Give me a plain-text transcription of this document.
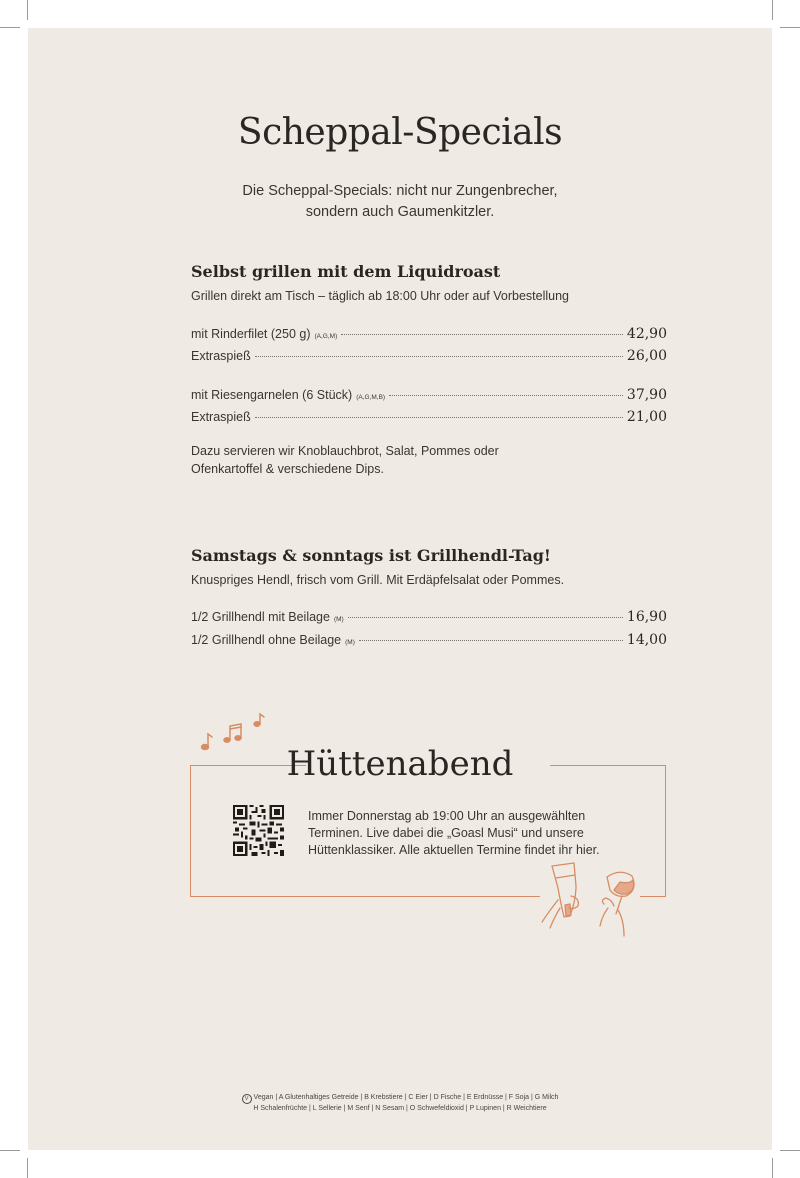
Scheppal-Specials
Die Scheppal-Specials: nicht nur Zungenbrecher,
sondern auch Gaumenkitzler.
Selbst grillen mit dem Liquidroast
Grillen direkt am Tisch – täglich ab 18:00 Uhr oder auf Vorbestellung
mit Rinderfilet (250 g) (A,G,M)	42,90
Extraspieß	26,00
mit Riesengarnelen (6 Stück) (A,G,M,B)	37,90
Extraspieß	21,00
Dazu servieren wir Knoblauchbrot, Salat, Pommes oder
Ofenkartoffel & verschiedene Dips.
Samstags & sonntags ist Grillhendl-Tag!
Knuspriges Hendl, frisch vom Grill. Mit Erdäpfelsalat oder Pommes.
1/2 Grillhendl mit Beilage (M)	16,90
1/2 Grillhendl ohne Beilage (M)	14,00
Hüttenabend
Immer Donnerstag ab 19:00 Uhr an ausgewählten
Terminen. Live dabei die „Goasl Musi“ und unsere
Hüttenklassiker. Alle aktuellen Termine findet ihr hier.
V Vegan | A Glutenhaltiges Getreide | B Krebstiere | C Eier | D Fische | E Erdnüsse | F Soja | G Milch
H Schalenfrüchte | L Sellerie | M Senf | N Sesam | O Schwefeldioxid | P Lupinen | R Weichtiere
